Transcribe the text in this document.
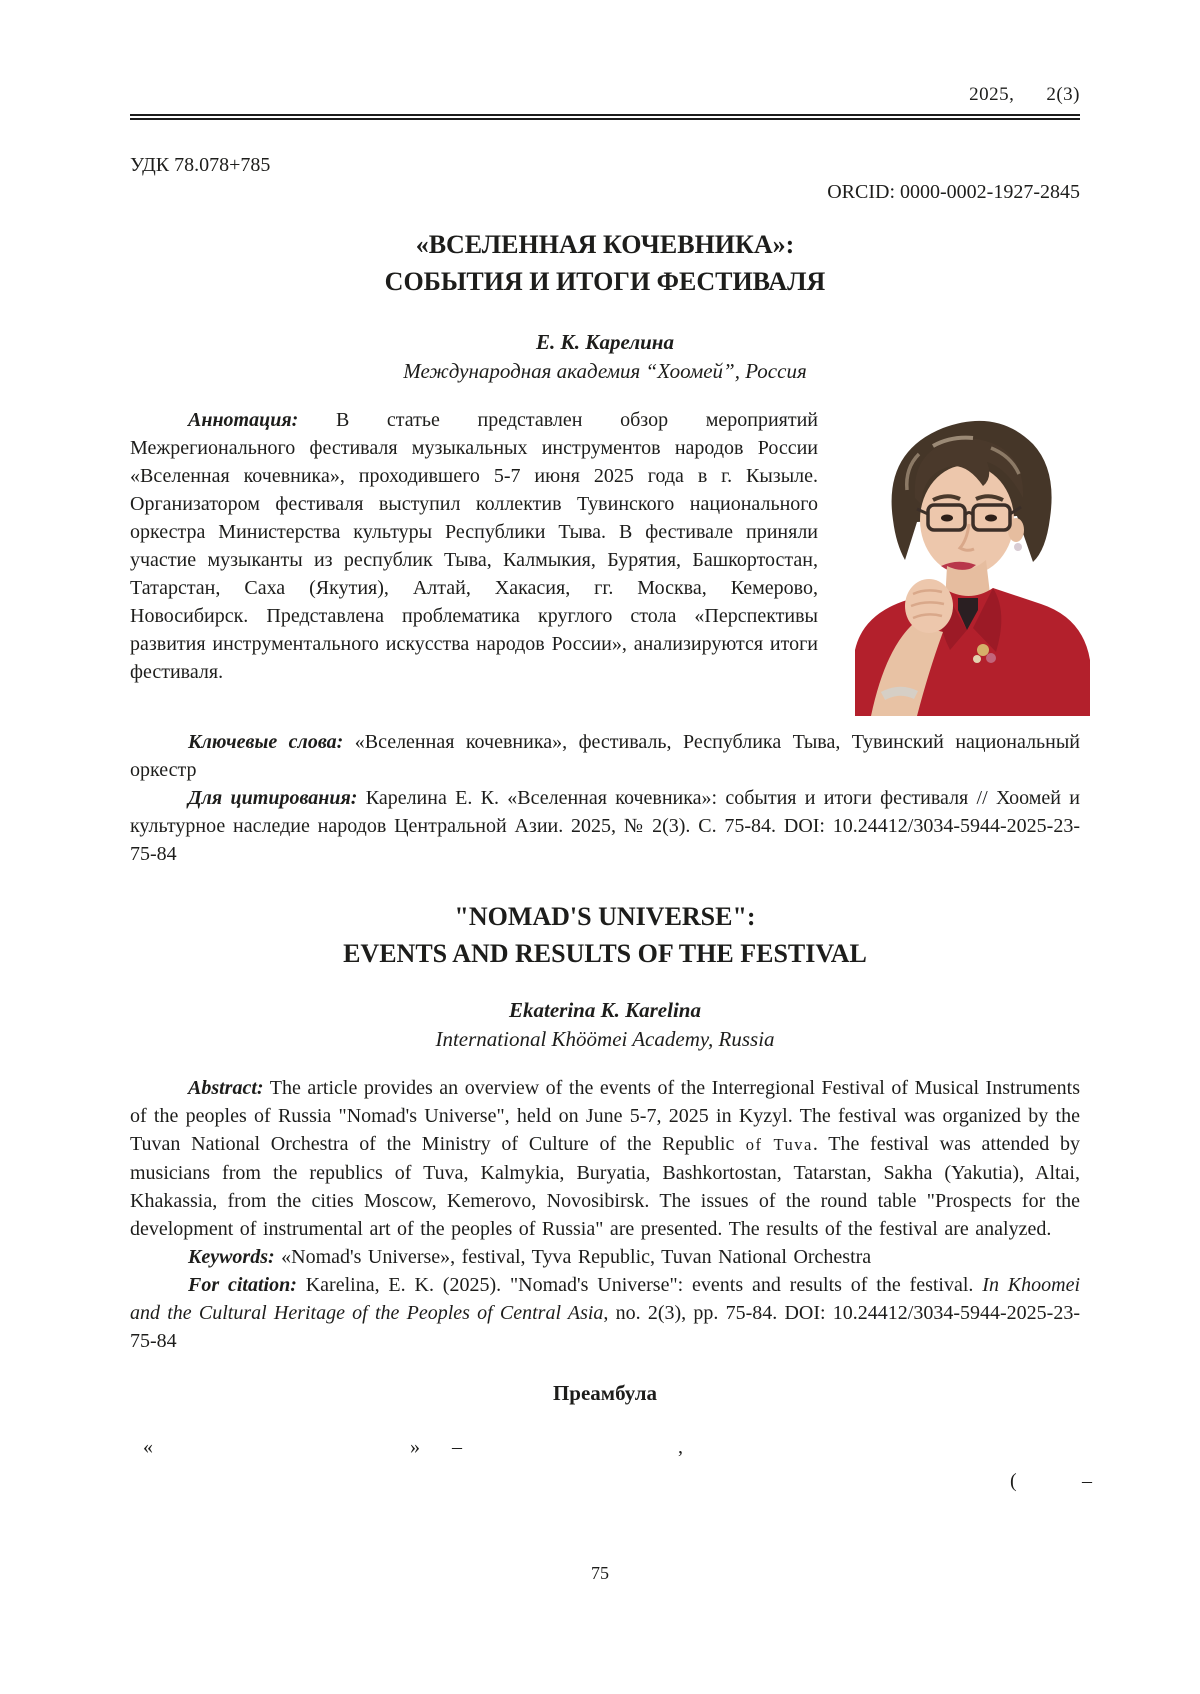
2025, 2(3)
УДК 78.078+785
ORCID: 0000-0002-1927-2845
«ВСЕЛЕННАЯ КОЧЕВНИКА»:
СОБЫТИЯ И ИТОГИ ФЕСТИВАЛЯ
Е. К. Карелина
Международная академия “Хоомей”, Россия

Аннотация: В статье представлен обзор мероприятий Межрегионального фестиваля музыкальных инструментов народов России «Вселенная кочевника», проходившего 5-7 июня 2025 года в г. Кызыле. Организатором фестиваля выступил коллектив Тувинского национального оркестра Министерства культуры Республики Тыва. В фестивале приняли участие музыканты из республик Тыва, Калмыкия, Бурятия, Башкортостан, Татарстан, Саха (Якутия), Алтай, Хакасия, гг. Москва, Кемерово, Новосибирск. Представлена проблематика круглого стола «Перспективы развития инструментального искусства народов России», анализируются итоги фестиваля.

Ключевые слова: «Вселенная кочевника», фестиваль, Республика Тыва, Тувинский национальный оркестр

Для цитирования: Карелина Е. К. «Вселенная кочевника»: события и итоги фестиваля // Хоомей и культурное наследие народов Центральной Азии. 2025, № 2(3). С. 75-84. DOI: 10.24412/3034-5944-2025-23-75-84

"NOMAD'S UNIVERSE":
EVENTS AND RESULTS OF THE FESTIVAL
Ekaterina K. Karelina
International Khöömei Academy, Russia

Abstract: The article provides an overview of the events of the Interregional Festival of Musical Instruments of the peoples of Russia "Nomad's Universe", held on June 5-7, 2025 in Kyzyl. The festival was organized by the Tuvan National Orchestra of the Ministry of Culture of the Republic of Tuva. The festival was attended by musicians from the republics of Tuva, Kalmykia, Buryatia, Bashkortostan, Tatarstan, Sakha (Yakutia), Altai, Khakassia, from the cities Moscow, Kemerovo, Novosibirsk. The issues of the round table "Prospects for the development of instrumental art of the peoples of Russia" are presented. The results of the festival are analyzed.

Keywords: «Nomad's Universe», festival, Tyva Republic, Tuvan National Orchestra

For citation: Karelina, E. K. (2025). "Nomad's Universe": events and results of the festival. In Khoomei and the Cultural Heritage of the Peoples of Central Asia, no. 2(3), pp. 75-84. DOI: 10.24412/3034-5944-2025-23-75-84

Преамбула
«	» –	,
(	–
75
